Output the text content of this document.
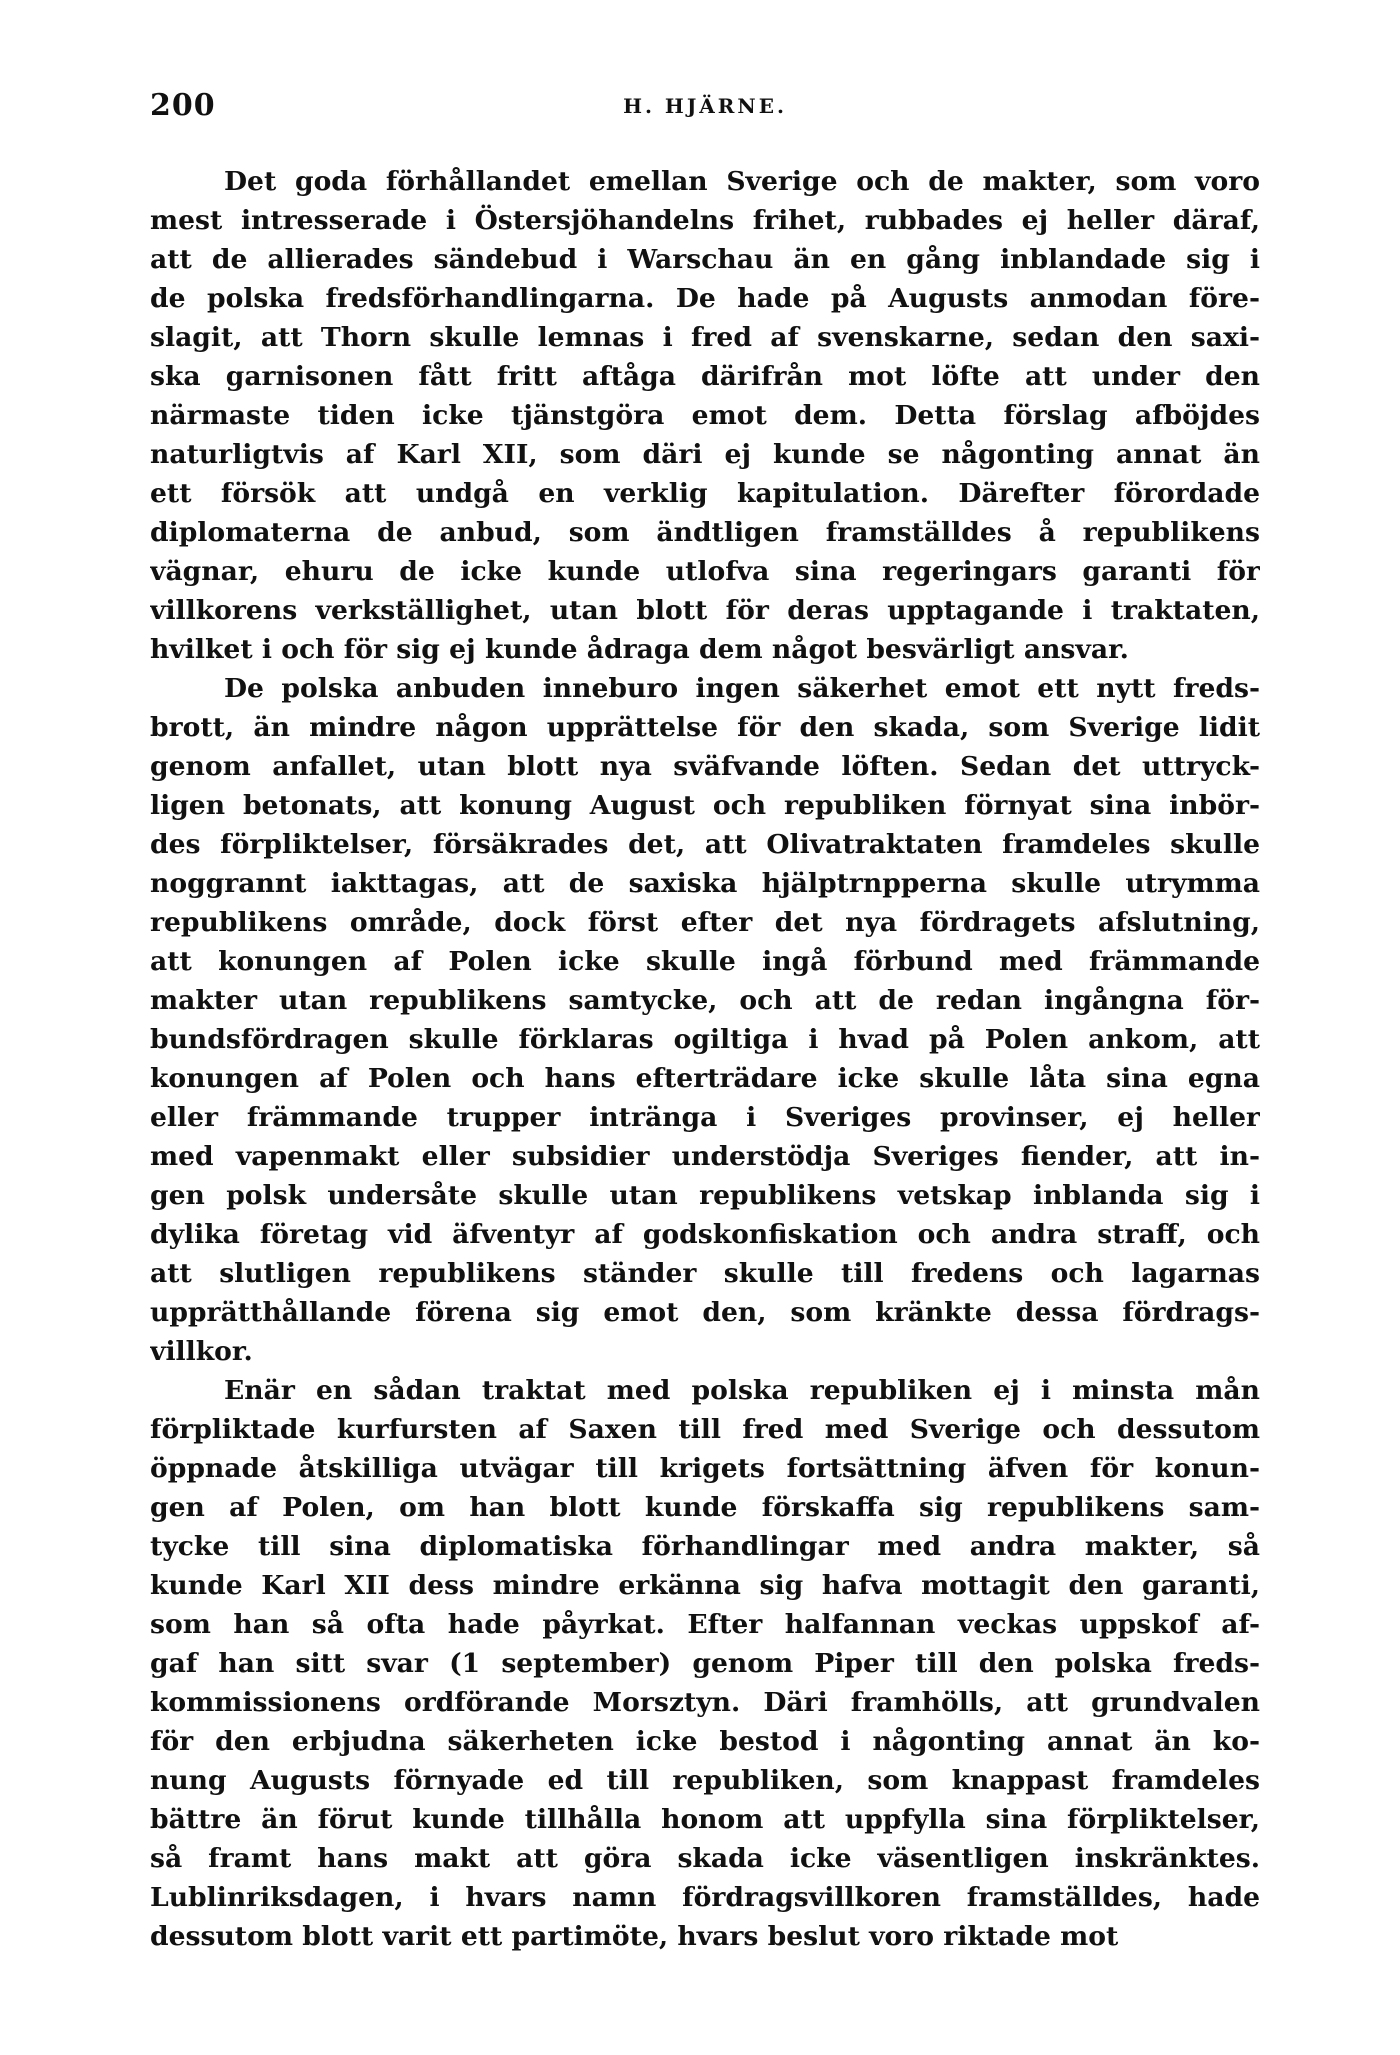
200	H. HJÄRNE.
Det goda förhållandet emellan Sverige och de makter, som voro
mest intresserade i Östersjöhandelns frihet, rubbades ej heller däraf,
att de allierades sändebud i Warschau än en gång inblandade sig i
de polska fredsförhandlingarna. De hade på Augusts anmodan före-
slagit, att Thorn skulle lemnas i fred af svenskarne, sedan den saxi-
ska garnisonen fått fritt aftåga därifrån mot löfte att under den
närmaste tiden icke tjänstgöra emot dem. Detta förslag afböjdes
naturligtvis af Karl XII, som däri ej kunde se någonting annat än
ett försök att undgå en verklig kapitulation. Därefter förordade
diplomaterna de anbud, som ändtligen framställdes å republikens
vägnar, ehuru de icke kunde utlofva sina regeringars garanti för
villkorens verkställighet, utan blott för deras upptagande i traktaten,
hvilket i och för sig ej kunde ådraga dem något besvärligt ansvar.
De polska anbuden inneburo ingen säkerhet emot ett nytt freds-
brott, än mindre någon upprättelse för den skada, som Sverige lidit
genom anfallet, utan blott nya sväfvande löften. Sedan det uttryck-
ligen betonats, att konung August och republiken förnyat sina inbör-
des förpliktelser, försäkrades det, att Olivatraktaten framdeles skulle
noggrannt iakttagas, att de saxiska hjälptrnpperna skulle utrymma
republikens område, dock först efter det nya fördragets afslutning,
att konungen af Polen icke skulle ingå förbund med främmande
makter utan republikens samtycke, och att de redan ingångna för-
bundsfördragen skulle förklaras ogiltiga i hvad på Polen ankom, att
konungen af Polen och hans efterträdare icke skulle låta sina egna
eller främmande trupper intränga i Sveriges provinser, ej heller
med vapenmakt eller subsidier understödja Sveriges fiender, att in-
gen polsk undersåte skulle utan republikens vetskap inblanda sig i
dylika företag vid äfventyr af godskonfiskation och andra straff, och
att slutligen republikens ständer skulle till fredens och lagarnas
upprätthållande förena sig emot den, som kränkte dessa fördrags-
villkor.
Enär en sådan traktat med polska republiken ej i minsta mån
förpliktade kurfursten af Saxen till fred med Sverige och dessutom
öppnade åtskilliga utvägar till krigets fortsättning äfven för konun-
gen af Polen, om han blott kunde förskaffa sig republikens sam-
tycke till sina diplomatiska förhandlingar med andra makter, så
kunde Karl XII dess mindre erkänna sig hafva mottagit den garanti,
som han så ofta hade påyrkat. Efter halfannan veckas uppskof af-
gaf han sitt svar (1 september) genom Piper till den polska freds-
kommissionens ordförande Morsztyn. Däri framhölls, att grundvalen
för den erbjudna säkerheten icke bestod i någonting annat än ko-
nung Augusts förnyade ed till republiken, som knappast framdeles
bättre än förut kunde tillhålla honom att uppfylla sina förpliktelser,
så framt hans makt att göra skada icke väsentligen inskränktes.
Lublinriksdagen, i hvars namn fördragsvillkoren framställdes, hade
dessutom blott varit ett partimöte, hvars beslut voro riktade mot
